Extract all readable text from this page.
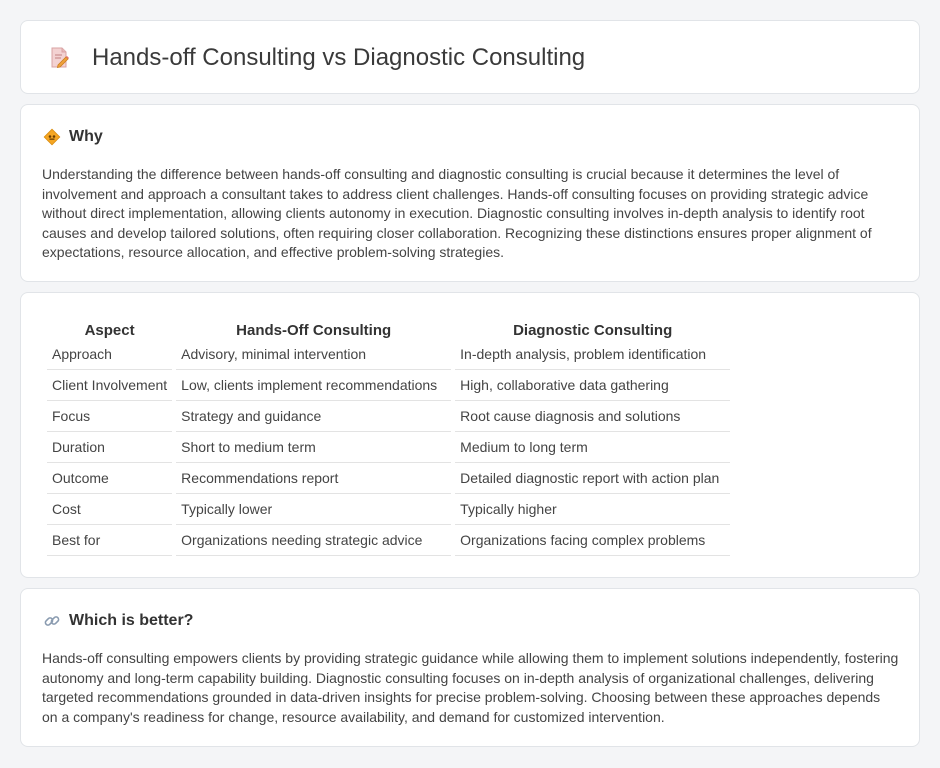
Hands-off Consulting vs Diagnostic Consulting
Why

Understanding the difference between hands-off consulting and diagnostic consulting is crucial because it determines the level of involvement and approach a consultant takes to address client challenges. Hands-off consulting focuses on providing strategic advice without direct implementation, allowing clients autonomy in execution. Diagnostic consulting involves in-depth analysis to identify root causes and develop tailored solutions, often requiring closer collaboration. Recognizing these distinctions ensures proper alignment of expectations, resource allocation, and effective problem-solving strategies.

Aspect	Hands-Off Consulting	Diagnostic Consulting
Approach	Advisory, minimal intervention	In-depth analysis, problem identification
Client Involvement	Low, clients implement recommendations	High, collaborative data gathering
Focus	Strategy and guidance	Root cause diagnosis and solutions
Duration	Short to medium term	Medium to long term
Outcome	Recommendations report	Detailed diagnostic report with action plan
Cost	Typically lower	Typically higher
Best for	Organizations needing strategic advice	Organizations facing complex problems
Which is better?

Hands-off consulting empowers clients by providing strategic guidance while allowing them to implement solutions independently, fostering autonomy and long-term capability building. Diagnostic consulting focuses on in-depth analysis of organizational challenges, delivering targeted recommendations grounded in data-driven insights for precise problem-solving. Choosing between these approaches depends on a company's readiness for change, resource availability, and demand for customized intervention.
